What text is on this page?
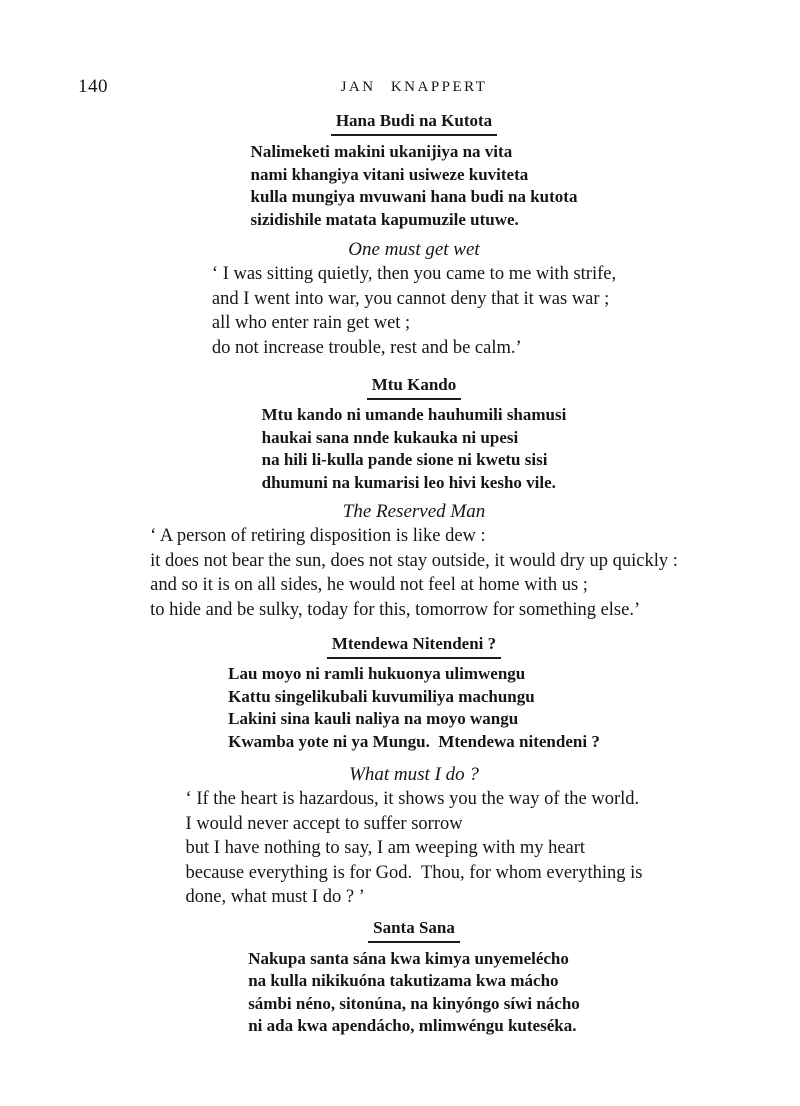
140	JAN KNAPPERT
Hana Budi na Kutota
Nalimeketi makini ukanijiya na vita
nami khangiya vitani usiweze kuviteta
kulla mungiya mvuwani hana budi na kutota
sizidishile matata kapumuzile utuwe.
One must get wet
‘ I was sitting quietly, then you came to me with strife,
and I went into war, you cannot deny that it was war ;
all who enter rain get wet ;
do not increase trouble, rest and be calm.’
Mtu Kando
Mtu kando ni umande hauhumili shamusi
haukai sana nnde kukauka ni upesi
na hili li-kulla pande sione ni kwetu sisi
dhumuni na kumarisi leo hivi kesho vile.
The Reserved Man
‘ A person of retiring disposition is like dew :
it does not bear the sun, does not stay outside, it would dry up quickly :
and so it is on all sides, he would not feel at home with us ;
to hide and be sulky, today for this, tomorrow for something else.’
Mtendewa Nitendeni ?
Lau moyo ni ramli hukuonya ulimwengu
Kattu singelikubali kuvumiliya machungu
Lakini sina kauli naliya na moyo wangu
Kwamba yote ni ya Mungu.  Mtendewa nitendeni ?
What must I do ?
‘ If the heart is hazardous, it shows you the way of the world.
I would never accept to suffer sorrow
but I have nothing to say, I am weeping with my heart
because everything is for God.  Thou, for whom everything is
done, what must I do ? ’
Santa Sana
Nakupa santa sána kwa kimya unyemelécho
na kulla nikikuóna takutizama kwa mácho
sámbi néno, sitonúna, na kinyóngo síwi nácho
ni ada kwa apendácho, mlimwéngu kuteséka.
